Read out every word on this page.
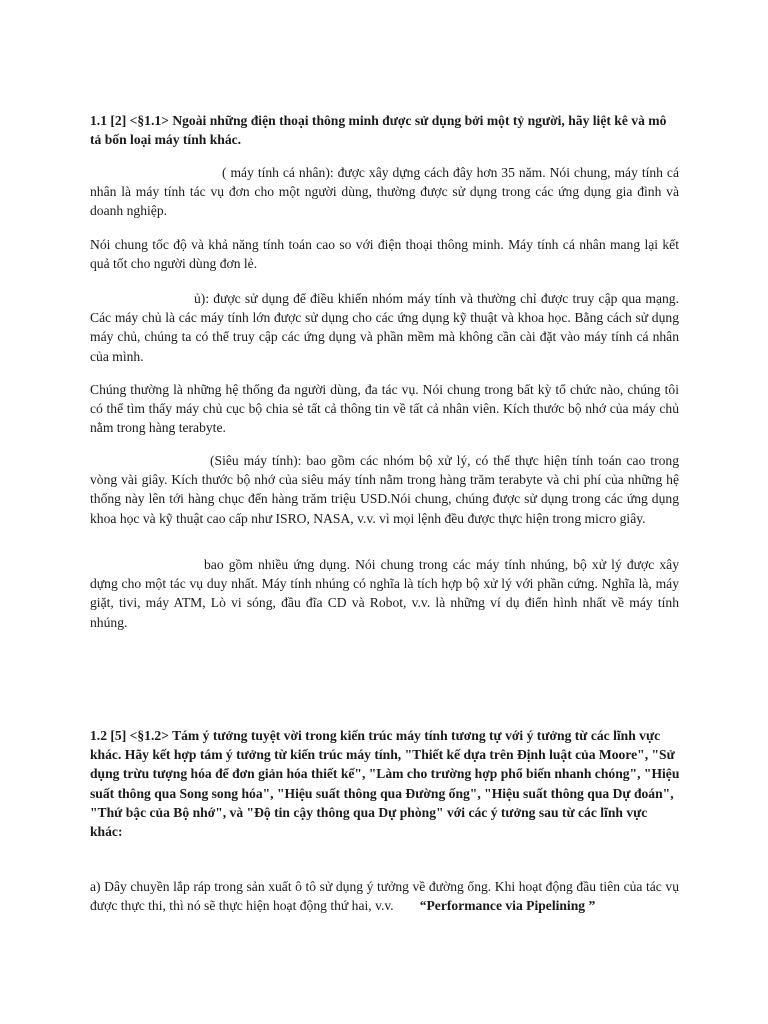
1.1 [2] <§1.1> Ngoài những điện thoại thông minh được sử dụng bởi một tỷ người, hãy liệt kê và mô tả bốn loại máy tính khác.
( máy tính cá nhân): được xây dựng cách đây hơn 35 năm. Nói chung, máy tính cá nhân là máy tính tác vụ đơn cho một người dùng, thường được sử dụng trong các ứng dụng gia đình và doanh nghiệp.
Nói chung tốc độ và khả năng tính toán cao so với điện thoại thông minh. Máy tính cá nhân mang lại kết quả tốt cho người dùng đơn lẻ.
ủ): được sử dụng để điều khiển nhóm máy tính và thường chỉ được truy cập qua mạng. Các máy chủ là các máy tính lớn được sử dụng cho các ứng dụng kỹ thuật và khoa học. Bằng cách sử dụng máy chủ, chúng ta có thể truy cập các ứng dụng và phần mềm mà không cần cài đặt vào máy tính cá nhân của mình.
Chúng thường là những hệ thống đa người dùng, đa tác vụ. Nói chung trong bất kỳ tổ chức nào, chúng tôi có thể tìm thấy máy chủ cục bộ chia sẻ tất cả thông tin về tất cả nhân viên. Kích thước bộ nhớ của máy chủ nằm trong hàng terabyte.
(Siêu máy tính): bao gồm các nhóm bộ xử lý, có thể thực hiện tính toán cao trong vòng vài giây. Kích thước bộ nhớ của siêu máy tính nằm trong hàng trăm terabyte và chi phí của những hệ thống này lên tới hàng chục đến hàng trăm triệu USD.Nói chung, chúng được sử dụng trong các ứng dụng khoa học và kỹ thuật cao cấp như ISRO, NASA, v.v. vì mọi lệnh đều được thực hiện trong micro giây.
bao gồm nhiều ứng dụng. Nói chung trong các máy tính nhúng, bộ xử lý được xây dựng cho một tác vụ duy nhất. Máy tính nhúng có nghĩa là tích hợp bộ xử lý với phần cứng. Nghĩa là, máy giặt, tivi, máy ATM, Lò vi sóng, đầu đĩa CD và Robot, v.v. là những ví dụ điển hình nhất về máy tính nhúng.
1.2 [5] <§1.2> Tám ý tưởng tuyệt vời trong kiến trúc máy tính tương tự với ý tưởng từ các lĩnh vực khác. Hãy kết hợp tám ý tưởng từ kiến trúc máy tính, "Thiết kế dựa trên Định luật của Moore", "Sử dụng trừu tượng hóa để đơn giản hóa thiết kế", "Làm cho trường hợp phổ biến nhanh chóng", "Hiệu suất thông qua Song song hóa", "Hiệu suất thông qua Đường ống", "Hiệu suất thông qua Dự đoán", "Thứ bậc của Bộ nhớ", và "Độ tin cậy thông qua Dự phòng" với các ý tưởng sau từ các lĩnh vực khác:
a) Dây chuyền lắp ráp trong sản xuất ô tô sử dụng ý tưởng về đường ống. Khi hoạt động đầu tiên của tác vụ được thực thi, thì nó sẽ thực hiện hoạt động thứ hai, v.v. “Performance via Pipelining ”
